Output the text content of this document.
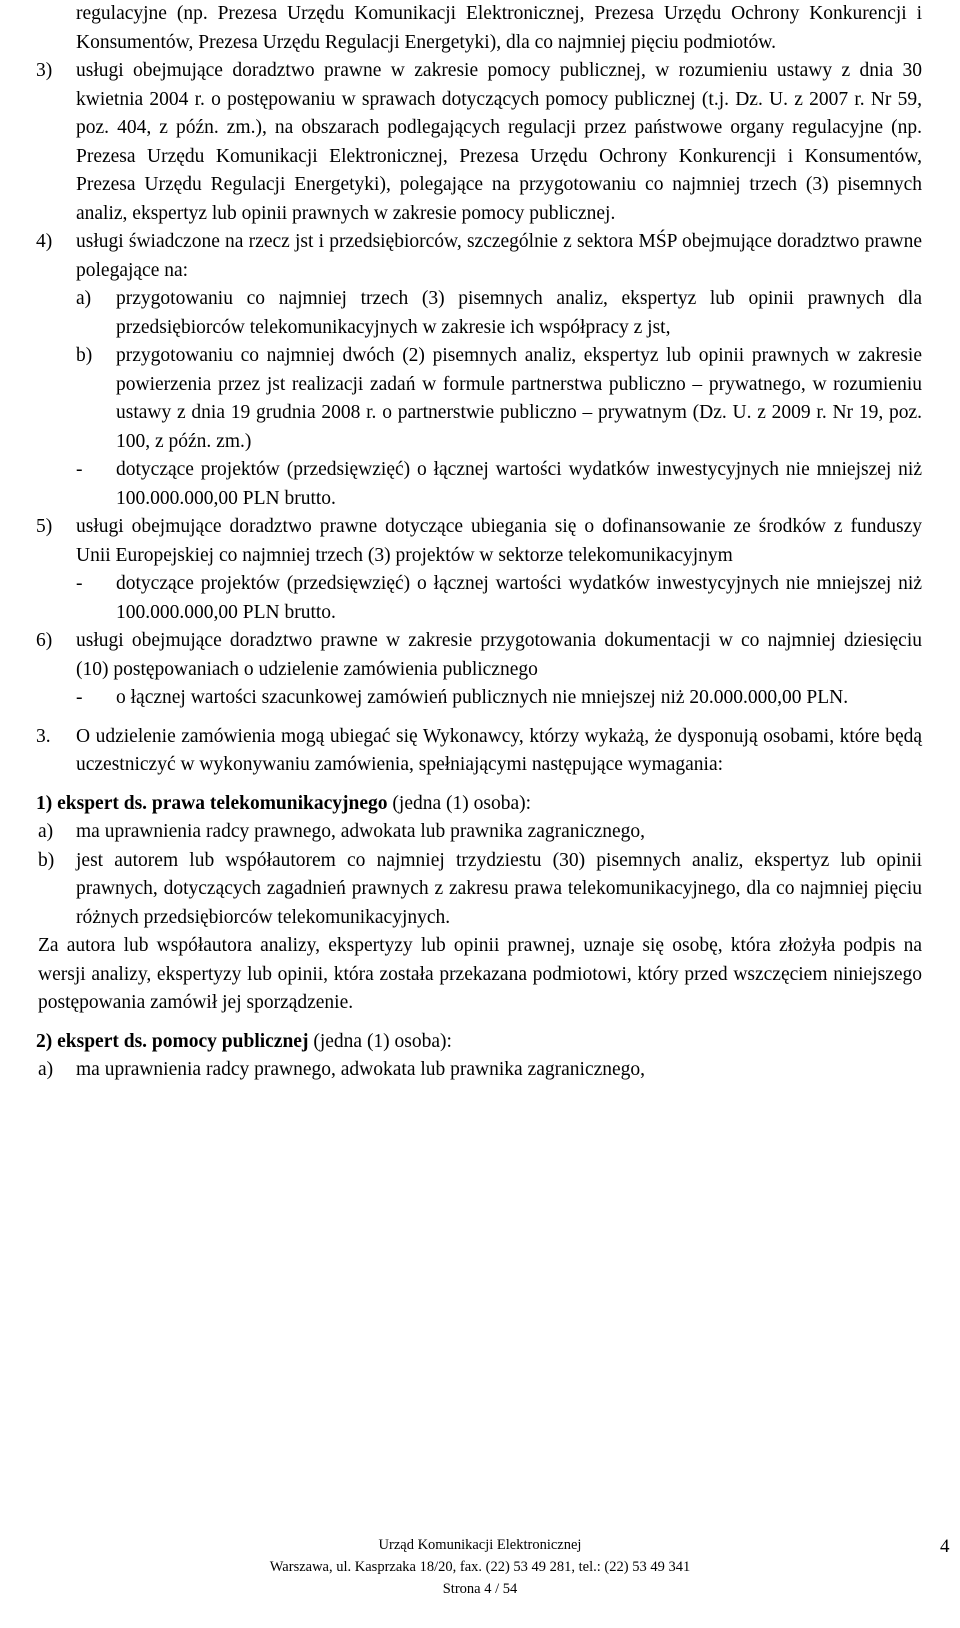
regulacyjne (np. Prezesa Urzędu Komunikacji Elektronicznej, Prezesa Urzędu Ochrony Konkurencji i Konsumentów, Prezesa Urzędu Regulacji Energetyki), dla co najmniej pięciu podmiotów.
3) usługi obejmujące doradztwo prawne w zakresie pomocy publicznej, w rozumieniu ustawy z dnia 30 kwietnia 2004 r. o postępowaniu w sprawach dotyczących pomocy publicznej (t.j. Dz. U. z 2007 r. Nr 59, poz. 404, z późn. zm.), na obszarach podlegających regulacji przez państwowe organy regulacyjne (np. Prezesa Urzędu Komunikacji Elektronicznej, Prezesa Urzędu Ochrony Konkurencji i Konsumentów, Prezesa Urzędu Regulacji Energetyki), polegające na przygotowaniu co najmniej trzech (3) pisemnych analiz, ekspertyz lub opinii prawnych w zakresie pomocy publicznej.
4) usługi świadczone na rzecz jst i przedsiębiorców, szczególnie z sektora MŚP obejmujące doradztwo prawne polegające na:
a) przygotowaniu co najmniej trzech (3) pisemnych analiz, ekspertyz lub opinii prawnych dla przedsiębiorców telekomunikacyjnych w zakresie ich współpracy z jst,
b) przygotowaniu co najmniej dwóch (2) pisemnych analiz, ekspertyz lub opinii prawnych w zakresie powierzenia przez jst realizacji zadań w formule partnerstwa publiczno – prywatnego, w rozumieniu ustawy z dnia 19 grudnia 2008 r. o partnerstwie publiczno – prywatnym (Dz. U. z 2009 r. Nr 19, poz. 100, z późn. zm.)
- dotyczące projektów (przedsięwzięć) o łącznej wartości wydatków inwestycyjnych nie mniejszej niż 100.000.000,00 PLN brutto.
5) usługi obejmujące doradztwo prawne dotyczące ubiegania się o dofinansowanie ze środków z funduszy Unii Europejskiej co najmniej trzech (3) projektów w sektorze telekomunikacyjnym
- dotyczące projektów (przedsięwzięć) o łącznej wartości wydatków inwestycyjnych nie mniejszej niż 100.000.000,00 PLN brutto.
6) usługi obejmujące doradztwo prawne w zakresie przygotowania dokumentacji w co najmniej dziesięciu (10) postępowaniach o udzielenie zamówienia publicznego
- o łącznej wartości szacunkowej zamówień publicznych nie mniejszej niż 20.000.000,00 PLN.
3. O udzielenie zamówienia mogą ubiegać się Wykonawcy, którzy wykażą, że dysponują osobami, które będą uczestniczyć w wykonywaniu zamówienia, spełniającymi następujące wymagania:
1) ekspert ds. prawa telekomunikacyjnego (jedna (1) osoba):
a) ma uprawnienia radcy prawnego, adwokata lub prawnika zagranicznego,
b) jest autorem lub współautorem co najmniej trzydziestu (30) pisemnych analiz, ekspertyz lub opinii prawnych, dotyczących zagadnień prawnych z zakresu prawa telekomunikacyjnego, dla co najmniej pięciu różnych przedsiębiorców telekomunikacyjnych.
Za autora lub współautora analizy, ekspertyzy lub opinii prawnej, uznaje się osobę, która złożyła podpis na wersji analizy, ekspertyzy lub opinii, która została przekazana podmiotowi, który przed wszczęciem niniejszego postępowania zamówił jej sporządzenie.
2) ekspert ds. pomocy publicznej (jedna (1) osoba):
a) ma uprawnienia radcy prawnego, adwokata lub prawnika zagranicznego,
Urząd Komunikacji Elektronicznej
Warszawa, ul. Kasprzaka 18/20, fax. (22) 53 49 281, tel.: (22) 53 49 341
Strona 4 / 54
4
